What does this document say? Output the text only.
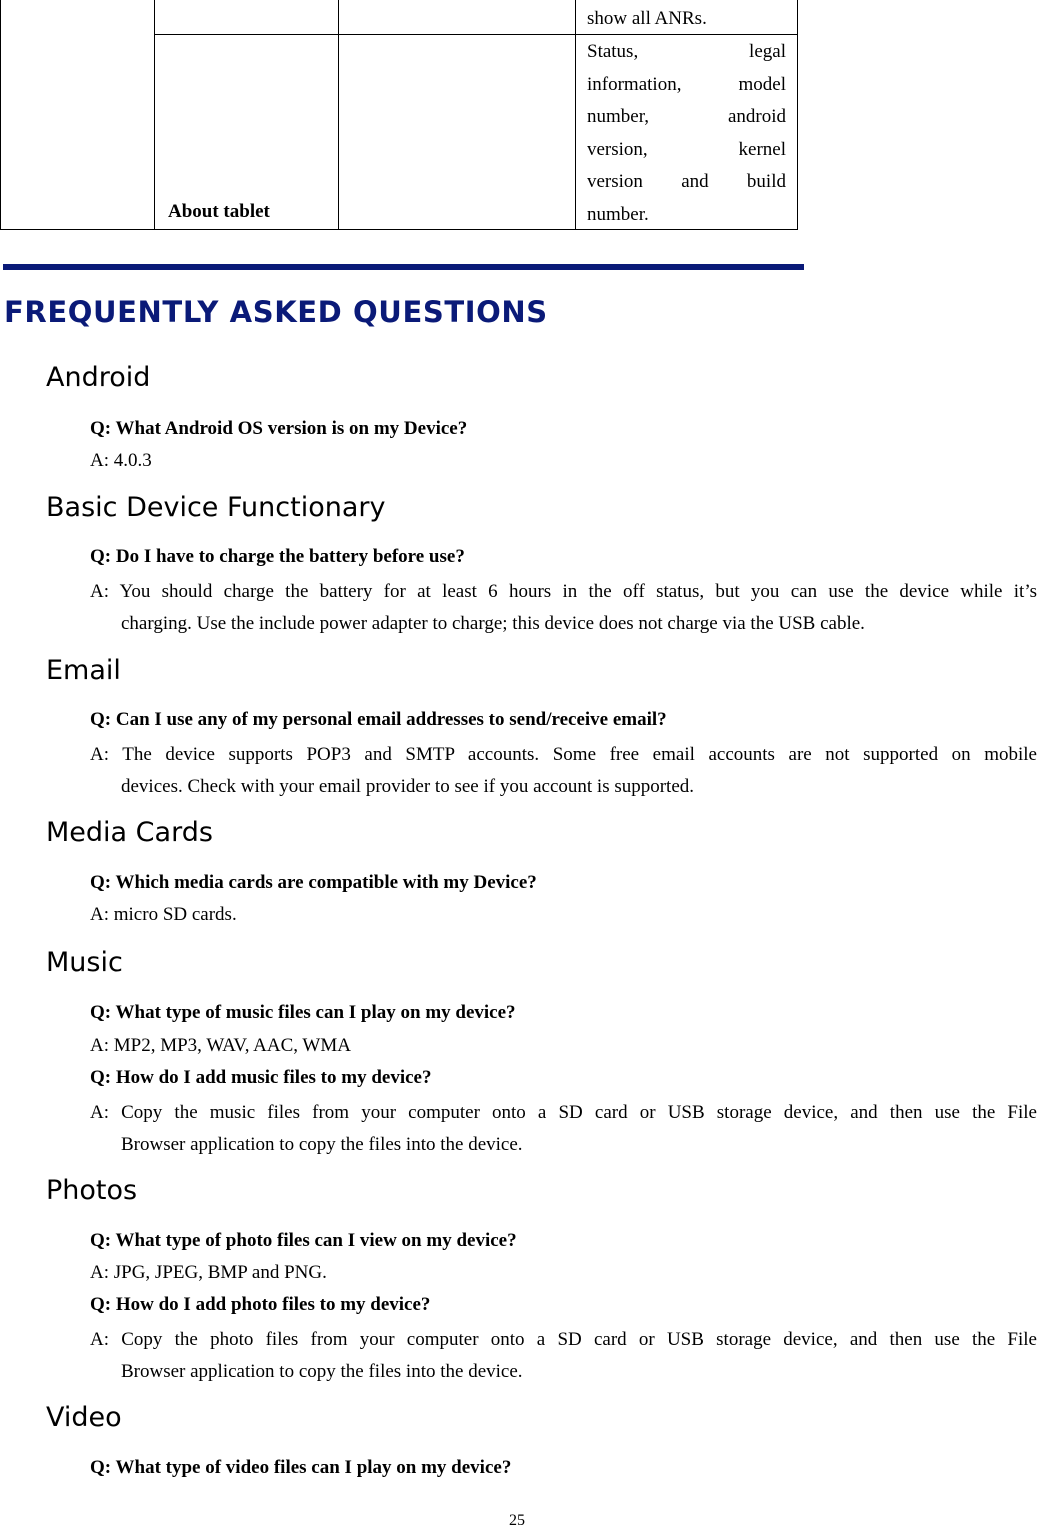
show all ANRs.
About tablet
Status, legal
information, model
number, android
version, kernel
version and build
number.
FREQUENTLY ASKED QUESTIONS
Android
Q: What Android OS version is on my Device?
A: 4.0.3
Basic Device Functionary
Q: Do I have to charge the battery before use?
A: You should charge the battery for at least 6 hours in the off status, but you can use the device while it’s
charging. Use the include power adapter to charge; this device does not charge via the USB cable.
Email
Q: Can I use any of my personal email addresses to send/receive email?
A: The device supports POP3 and SMTP accounts. Some free email accounts are not supported on mobile
devices. Check with your email provider to see if you account is supported.
Media Cards
Q: Which media cards are compatible with my Device?
A: micro SD cards.
Music
Q: What type of music files can I play on my device?
A: MP2, MP3, WAV, AAC, WMA
Q: How do I add music files to my device?
A: Copy the music files from your computer onto a SD card or USB storage device, and then use the File
Browser application to copy the files into the device.
Photos
Q: What type of photo files can I view on my device?
A: JPG, JPEG, BMP and PNG.
Q: How do I add photo files to my device?
A: Copy the photo files from your computer onto a SD card or USB storage device, and then use the File
Browser application to copy the files into the device.
Video
Q: What type of video files can I play on my device?
25
